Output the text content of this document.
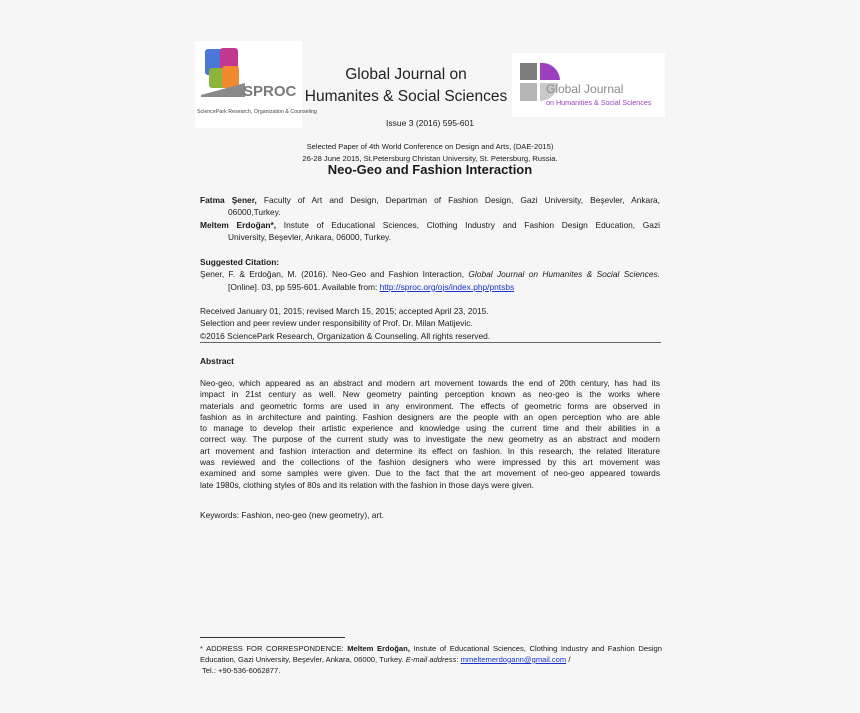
SPROC
SciencePark Research, Organization & Counseling
Global Journal on
Humanites & Social Sciences	Global Journal
on Humanities & Social Sciences
Issue 3 (2016) 595-601
Selected Paper of 4th World Conference on Design and Arts, (DAE-2015)
26-28 June 2015, St.Petersburg Christan University, St. Petersburg, Russia.
Neo-Geo and Fashion Interaction
Fatma Şener, Faculty of Art and Design, Departman of Fashion Design, Gazi University, Beşevler, Ankara,
06000,Turkey.
Meltem Erdoğan*, Instute of Educational Sciences, Clothing Industry and Fashion Design Education, Gazi
University, Beşevler, Ankara, 06000, Turkey.
Suggested Citation:
Şener, F. & Erdoğan, M. (2016). Neo-Geo and Fashion Interaction, Global Journal on Humanites & Social Sciences.
[Online]. 03, pp 595-601. Available from: http://sproc.org/ojs/index.php/pntsbs
Received January 01, 2015; revised March 15, 2015; accepted April 23, 2015.
Selection and peer review under responsibility of Prof. Dr. Milan Matijevic.
©2016 SciencePark Research, Organization & Counseling. All rights reserved.
Abstract
Neo-geo, which appeared as an abstract and modern art movement towards the end of 20th century, has had its
impact in 21st century as well. New geometry painting perception known as neo-geo is the works where
materials and geometric forms are used in any environment. The effects of geometric forms are observed in
fashion as in architecture and painting. Fashion designers are the people with an open perception who are able
to manage to develop their artistic experience and knowledge using the current time and their abilities in a
correct way. The purpose of the current study was to investigate the new geometry as an abstract and modern
art movement and fashion interaction and determine its effect on fashion. In this research, the related literature
was reviewed and the collections of the fashion designers who were impressed by this art movement was
examined and some samples were given. Due to the fact that the art movement of neo-geo appeared towards
late 1980s, clothing styles of 80s and its relation with the fashion in those days were given.
Keywords: Fashion, neo-geo (new geometry), art.
* ADDRESS FOR CORRESPONDENCE: Meltem Erdoğan, Instute of Educational Sciences, Clothing Industry and Fashion Design
Education, Gazi University, Beşevler, Ankara, 06000, Turkey. E-mail address: mmeltemerdogann@gmail.com /
Tel.: +90-536-6062877.
